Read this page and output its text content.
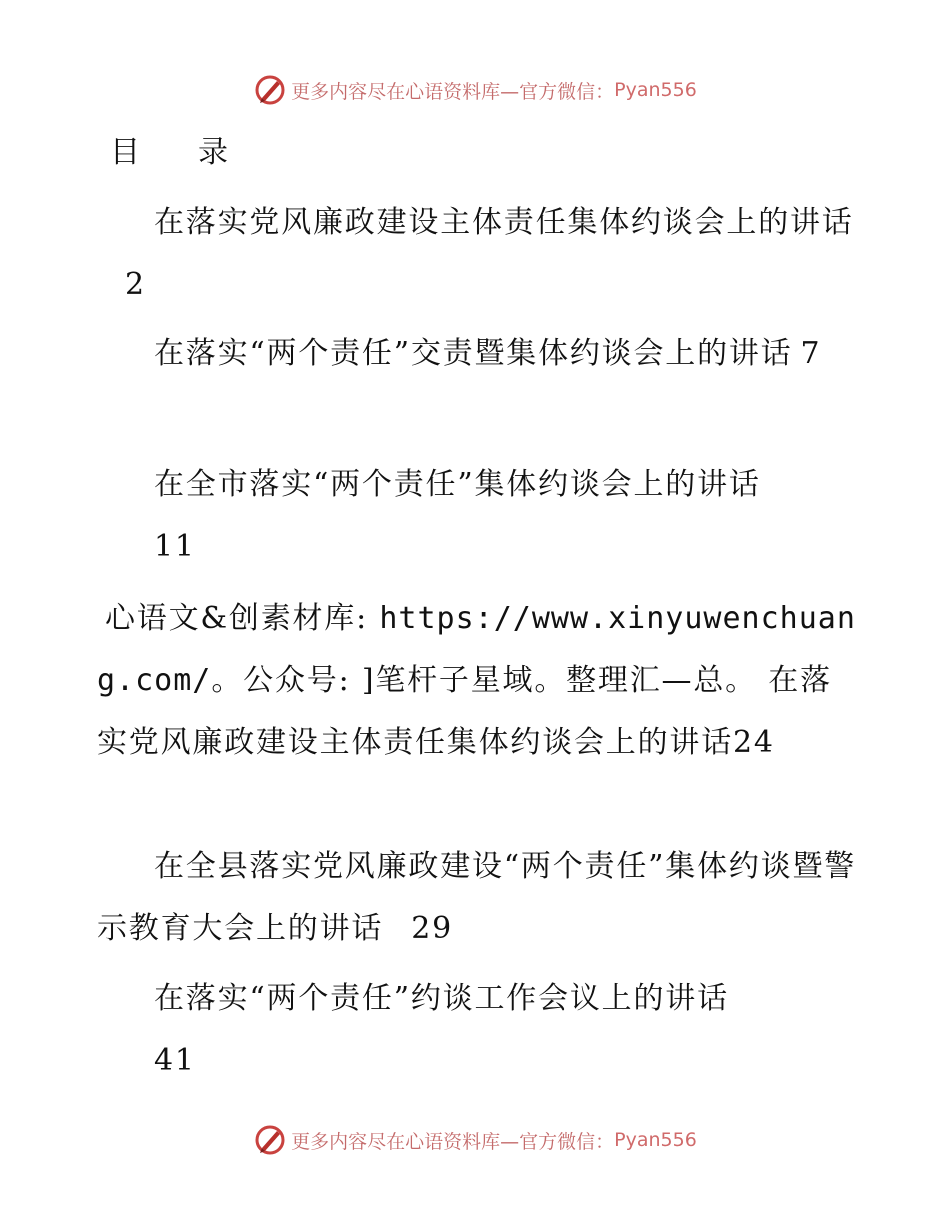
更多内容尽在心语资料库—官方微信： Pyan556
目录
在落实党风廉政建设主体责任集体约谈会上的讲话2
在落实“两个责任”交责暨集体约谈会上的讲话 7
在全市落实“两个责任”集体约谈会上的讲话
11
心语文&创素材库: https://www.xinyuwenchuang.com/。公众号: ]笔杆子星域。整理汇—总。 在落实党风廉政建设主体责任集体约谈会上的讲话24
在全县落实党风廉政建设“两个责任”集体约谈暨警示教育大会上的讲话 29
在落实“两个责任”约谈工作会议上的讲话
41
更多内容尽在心语资料库—官方微信： Pyan556
